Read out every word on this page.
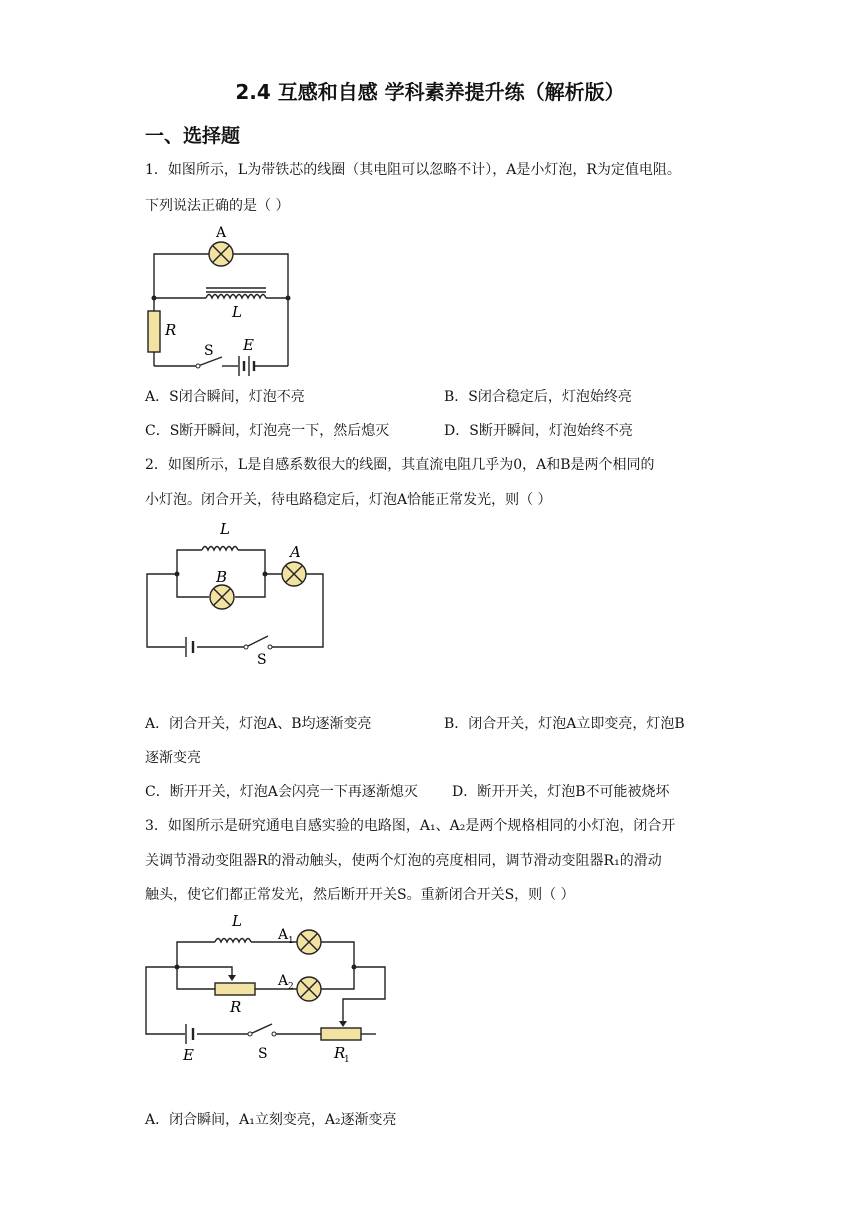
2.4 互感和自感 学科素养提升练（解析版）
一、选择题
1．如图所示，L为带铁芯的线圈（其电阻可以忽略不计），A是小灯泡，R为定值电阻。
下列说法正确的是（ ）
A
L
R
S E
A．S闭合瞬间，灯泡不亮	B．S闭合稳定后，灯泡始终亮
C．S断开瞬间，灯泡亮一下，然后熄灭	D．S断开瞬间，灯泡始终不亮
2．如图所示，L是自感系数很大的线圈，其直流电阻几乎为0，A和B是两个相同的
小灯泡。闭合开关，待电路稳定后，灯泡A恰能正常发光，则（ ）
L
B
A
S
A．闭合开关，灯泡A、B均逐渐变亮	B．闭合开关，灯泡A立即变亮，灯泡B
逐渐变亮
C．断开开关，灯泡A会闪亮一下再逐渐熄灭 D．断开开关，灯泡B不可能被烧坏
3．如图所示是研究通电自感实验的电路图，A₁、A₂是两个规格相同的小灯泡，闭合开
关调节滑动变阻器R的滑动触头，使两个灯泡的亮度相同，调节滑动变阻器R₁的滑动
触头，使它们都正常发光，然后断开开关S。重新闭合开关S，则（ ）
L
A 1
A 2
R
R
1
E	S
A．闭合瞬间，A₁立刻变亮，A₂逐渐变亮
